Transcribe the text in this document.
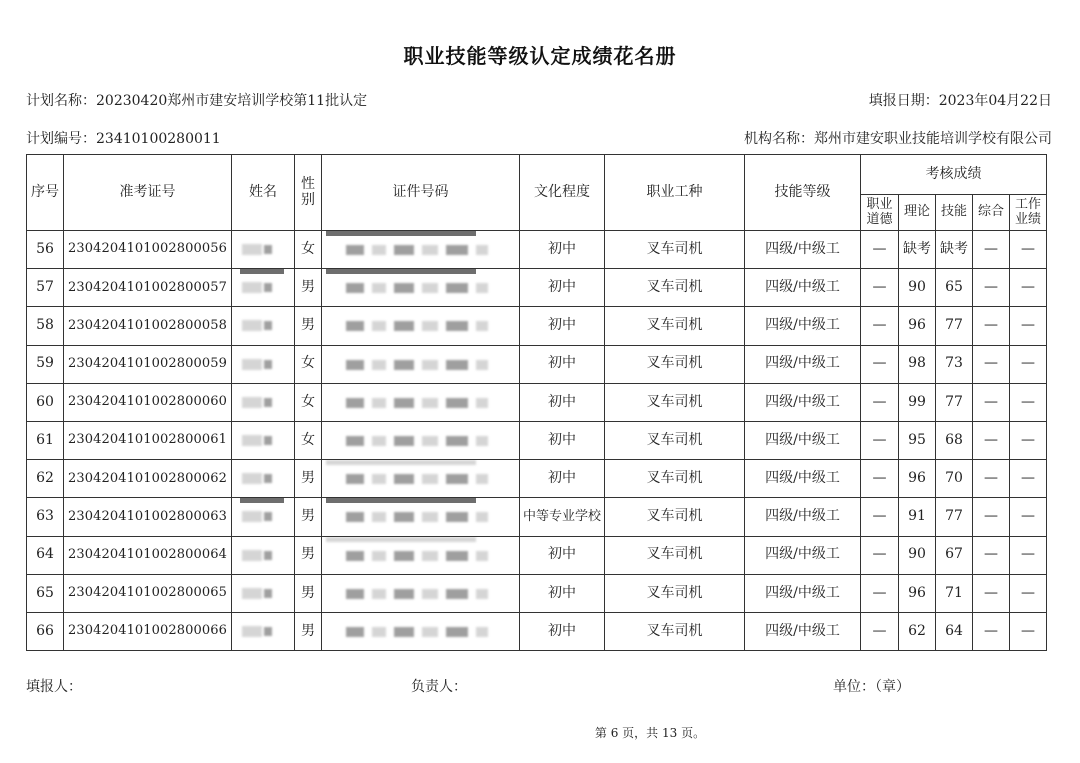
职业技能等级认定成绩花名册
计划名称：20230420郑州市建安培训学校第11批认定	填报日期：2023年04月22日
计划编号：23410100280011	机构名称：郑州市建安职业技能培训学校有限公司
序号	准考证号	姓名	性别	证件号码	文化程度	职业工种	技能等级	考核成绩				
								职业道德	理论	技能	综合	工作业绩
56	2304204101002800056		女		初中	叉车司机	四级/中级工	—	缺考	缺考	—	—
57	2304204101002800057		男		初中	叉车司机	四级/中级工	—	90	65	—	—
58	2304204101002800058		男		初中	叉车司机	四级/中级工	—	96	77	—	—
59	2304204101002800059		女		初中	叉车司机	四级/中级工	—	98	73	—	—
60	2304204101002800060		女		初中	叉车司机	四级/中级工	—	99	77	—	—
61	2304204101002800061		女		初中	叉车司机	四级/中级工	—	95	68	—	—
62	2304204101002800062		男		初中	叉车司机	四级/中级工	—	96	70	—	—
63	2304204101002800063		男		中等专业学校	叉车司机	四级/中级工	—	91	77	—	—
64	2304204101002800064		男		初中	叉车司机	四级/中级工	—	90	67	—	—
65	2304204101002800065		男		初中	叉车司机	四级/中级工	—	96	71	—	—
66	2304204101002800066		男		初中	叉车司机	四级/中级工	—	62	64	—	—
填报人：	负责人：	单位：（章）
第 6 页，共 13 页。
